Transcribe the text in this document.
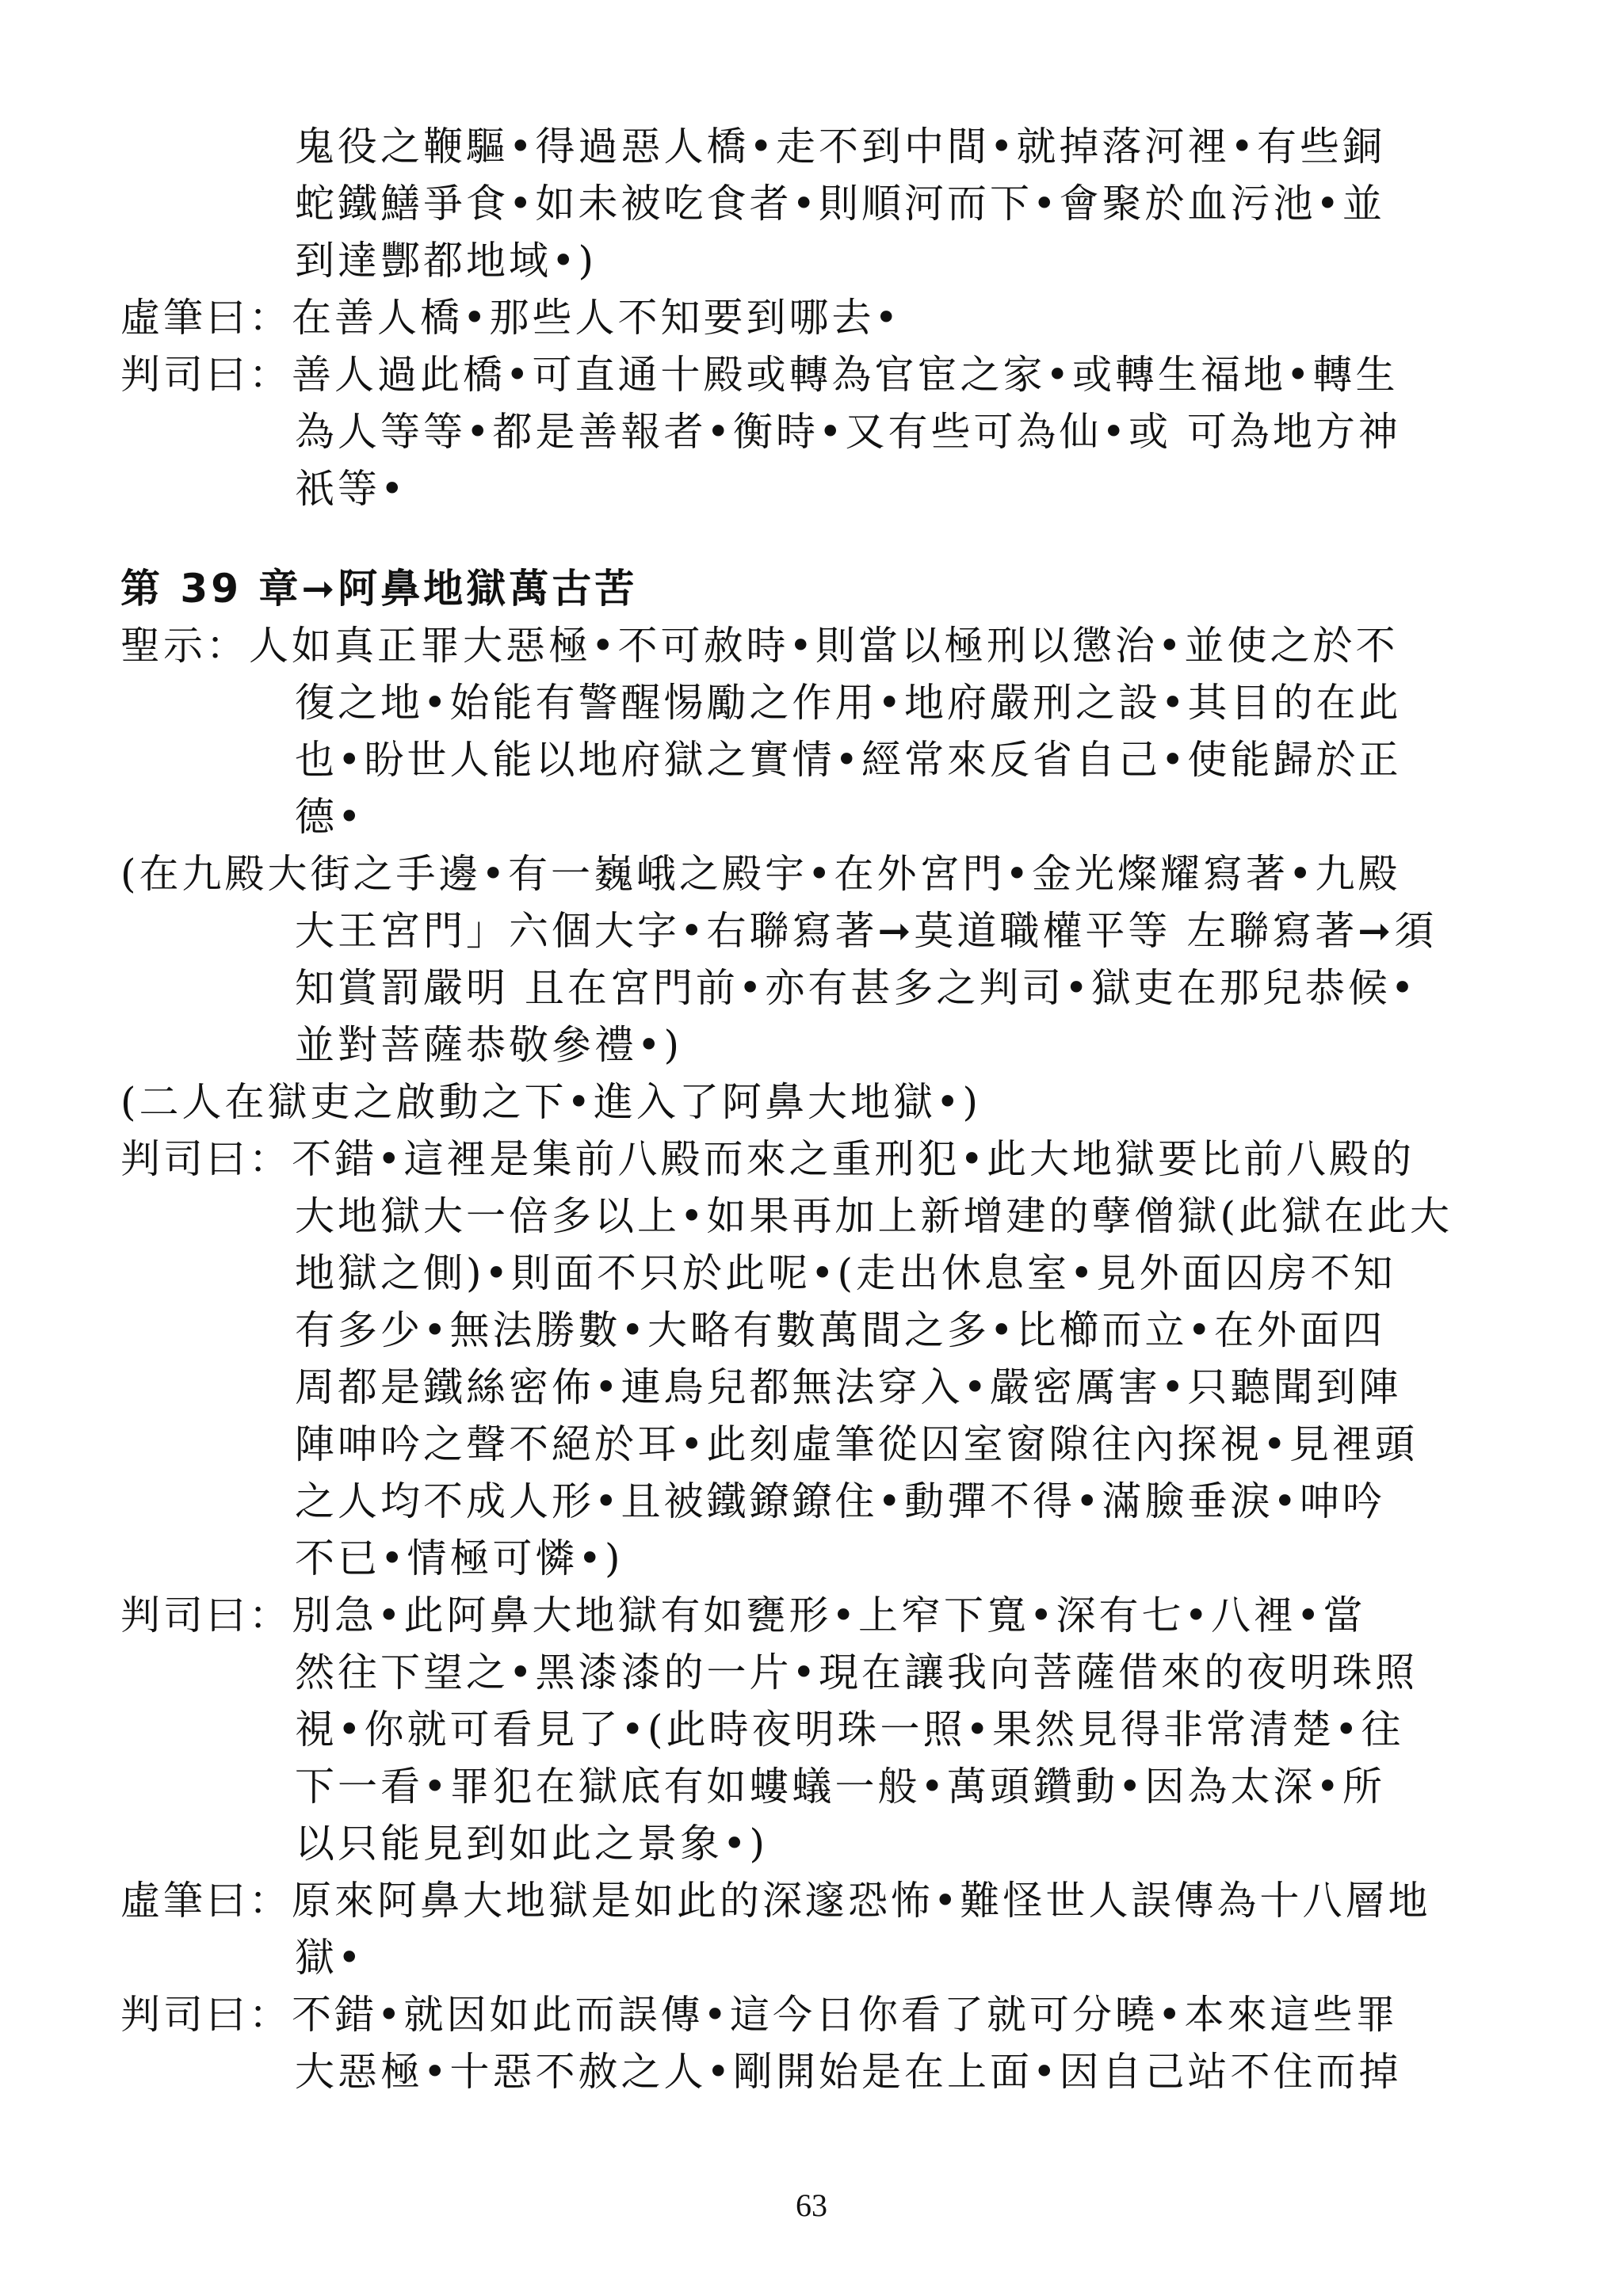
鬼役之鞭驅•得過惡人橋•走不到中間•就掉落河裡•有些銅
蛇鐵鱔爭食•如未被吃食者•則順河而下•會聚於血污池•並
到達酆都地域•)
虛筆曰：在善人橋•那些人不知要到哪去•
判司曰：善人過此橋•可直通十殿或轉為官宦之家•或轉生福地•轉生
為人等等•都是善報者•衡時•又有些可為仙•或 可為地方神
祇等•
第 39 章➞阿鼻地獄萬古苦
聖示：人如真正罪大惡極•不可赦時•則當以極刑以懲治•並使之於不
復之地•始能有警醒惕勵之作用•地府嚴刑之設•其目的在此
也•盼世人能以地府獄之實情•經常來反省自己•使能歸於正
德•
(在九殿大街之手邊•有一巍峨之殿宇•在外宮門•金光燦耀寫著•九殿
大王宮門」六個大字•右聯寫著➞莫道職權平等 左聯寫著➞須
知賞罰嚴明 且在宮門前•亦有甚多之判司•獄吏在那兒恭候•
並對菩薩恭敬參禮•)
(二人在獄吏之啟動之下•進入了阿鼻大地獄•)
判司曰：不錯•這裡是集前八殿而來之重刑犯•此大地獄要比前八殿的
大地獄大一倍多以上•如果再加上新增建的孽僧獄(此獄在此大
地獄之側)•則面不只於此呢•(走出休息室•見外面囚房不知
有多少•無法勝數•大略有數萬間之多•比櫛而立•在外面四
周都是鐵絲密佈•連鳥兒都無法穿入•嚴密厲害•只聽聞到陣
陣呻吟之聲不絕於耳•此刻虛筆從囚室窗隙往內探視•見裡頭
之人均不成人形•且被鐵鐐鐐住•動彈不得•滿臉垂淚•呻吟
不已•情極可憐•)
判司曰：別急•此阿鼻大地獄有如甕形•上窄下寬•深有七•八裡•當
然往下望之•黑漆漆的一片•現在讓我向菩薩借來的夜明珠照
視•你就可看見了•(此時夜明珠一照•果然見得非常清楚•往
下一看•罪犯在獄底有如螻蟻一般•萬頭鑽動•因為太深•所
以只能見到如此之景象•)
虛筆曰：原來阿鼻大地獄是如此的深邃恐怖•難怪世人誤傳為十八層地
獄•
判司曰：不錯•就因如此而誤傳•這今日你看了就可分曉•本來這些罪
大惡極•十惡不赦之人•剛開始是在上面•因自己站不住而掉
63
